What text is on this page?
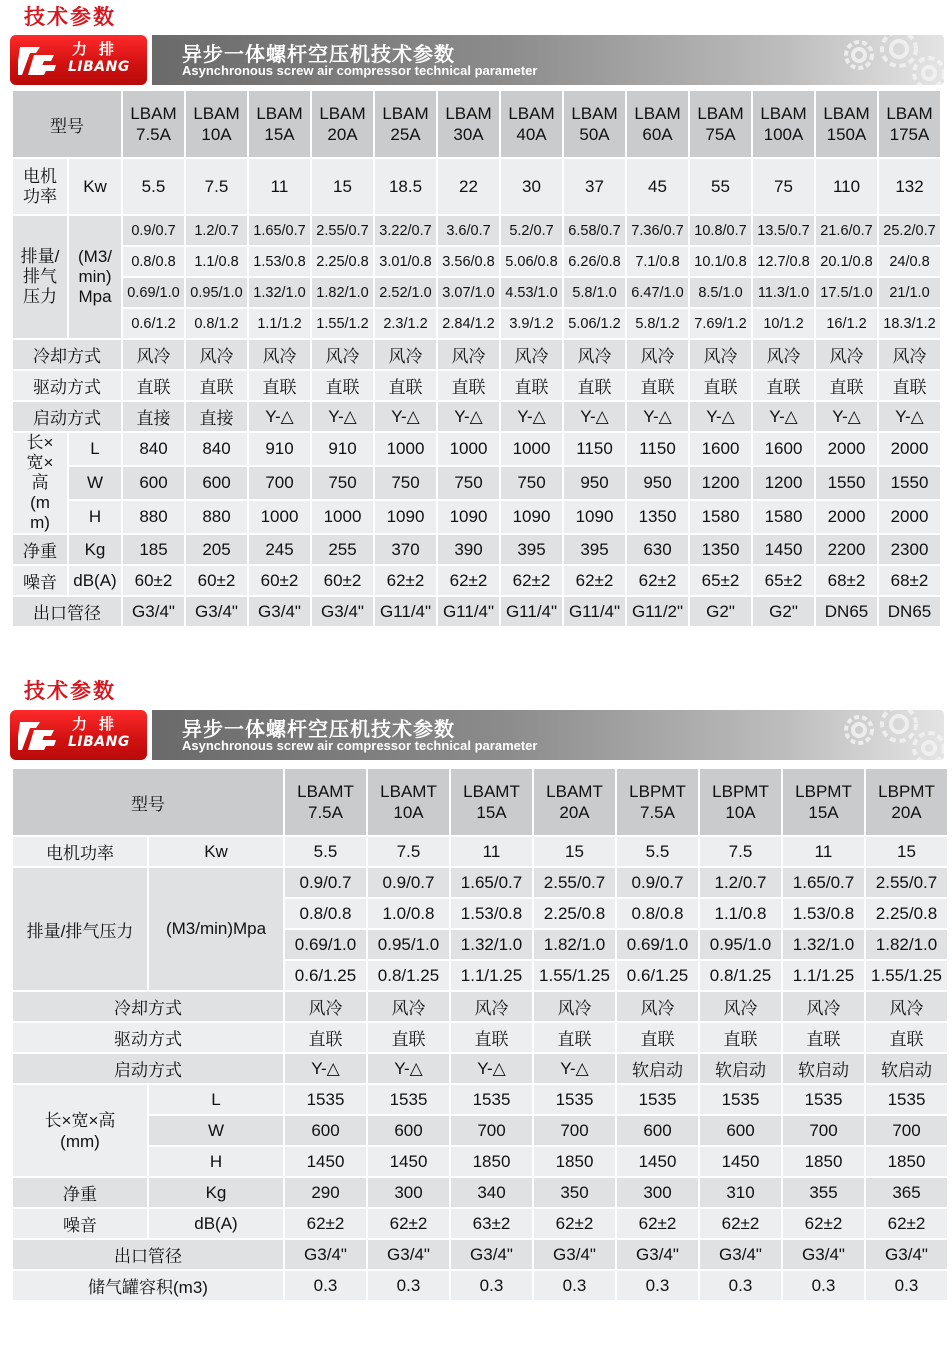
技术参数
力排
LIBANG
异步一体螺杆空压机技术参数
Asynchronous screw air compressor technical parameter
型号		LBAM 7.5A	LBAM 10A	LBAM 15A	LBAM 20A	LBAM 25A	LBAM 30A	LBAM 40A	LBAM 50A	LBAM 60A	LBAM 75A	LBAM 100A	LBAM 150A	LBAM 175A
电机功率	Kw	5.5	7.5	11	15	18.5	22	30	37	45	55	75	110	132
排量/排气压力	(M3/min)Mpa	0.9/0.7	1.2/0.7	1.65/0.7	2.55/0.7	3.22/0.7	3.6/0.7	5.2/0.7	6.58/0.7	7.36/0.7	10.8/0.7	13.5/0.7	21.6/0.7	25.2/0.7
		0.8/0.8	1.1/0.8	1.53/0.8	2.25/0.8	3.01/0.8	3.56/0.8	5.06/0.8	6.26/0.8	7.1/0.8	10.1/0.8	12.7/0.8	20.1/0.8	24/0.8
		0.69/1.0	0.95/1.0	1.32/1.0	1.82/1.0	2.52/1.0	3.07/1.0	4.53/1.0	5.8/1.0	6.47/1.0	8.5/1.0	11.3/1.0	17.5/1.0	21/1.0
		0.6/1.2	0.8/1.2	1.1/1.2	1.55/1.2	2.3/1.2	2.84/1.2	3.9/1.2	5.06/1.2	5.8/1.2	7.69/1.2	10/1.2	16/1.2	18.3/1.2
冷却方式		风冷	风冷	风冷	风冷	风冷	风冷	风冷	风冷	风冷	风冷	风冷	风冷	风冷
驱动方式		直联	直联	直联	直联	直联	直联	直联	直联	直联	直联	直联	直联	直联
启动方式		直接	直接	Y-△	Y-△	Y-△	Y-△	Y-△	Y-△	Y-△	Y-△	Y-△	Y-△	Y-△
长×宽×高(mm)	L	840	840	910	910	1000	1000	1000	1150	1150	1600	1600	2000	2000
	W	600	600	700	750	750	750	750	950	950	1200	1200	1550	1550
	H	880	880	1000	1000	1090	1090	1090	1090	1350	1580	1580	2000	2000
净重	Kg	185	205	245	255	370	390	395	395	630	1350	1450	2200	2300
噪音	dB(A)	60±2	60±2	60±2	60±2	62±2	62±2	62±2	62±2	62±2	65±2	65±2	68±2	68±2
出口管径		G3/4"	G3/4"	G3/4"	G3/4"	G11/4"	G11/4"	G11/4"	G11/4"	G11/2"	G2"	G2"	DN65	DN65
技术参数
力排
LIBANG
异步一体螺杆空压机技术参数
Asynchronous screw air compressor technical parameter
型号		LBAMT 7.5A	LBAMT 10A	LBAMT 15A	LBAMT 20A	LBPMT 7.5A	LBPMT 10A	LBPMT 15A	LBPMT 20A
电机功率	Kw	5.5	7.5	11	15	5.5	7.5	11	15
排量/排气压力	(M3/min)Mpa	0.9/0.7	0.9/0.7	1.65/0.7	2.55/0.7	0.9/0.7	1.2/0.7	1.65/0.7	2.55/0.7
		0.8/0.8	1.0/0.8	1.53/0.8	2.25/0.8	0.8/0.8	1.1/0.8	1.53/0.8	2.25/0.8
		0.69/1.0	0.95/1.0	1.32/1.0	1.82/1.0	0.69/1.0	0.95/1.0	1.32/1.0	1.82/1.0
		0.6/1.25	0.8/1.25	1.1/1.25	1.55/1.25	0.6/1.25	0.8/1.25	1.1/1.25	1.55/1.25
冷却方式		风冷	风冷	风冷	风冷	风冷	风冷	风冷	风冷
驱动方式		直联	直联	直联	直联	直联	直联	直联	直联
启动方式		Y-△	Y-△	Y-△	Y-△	软启动	软启动	软启动	软启动
长×宽×高
(mm)	L	1535	1535	1535	1535	1535	1535	1535	1535
	W	600	600	700	700	600	600	700	700
	H	1450	1450	1850	1850	1450	1450	1850	1850
净重	Kg	290	300	340	350	300	310	355	365
噪音	dB(A)	62±2	62±2	63±2	62±2	62±2	62±2	62±2	62±2
出口管径		G3/4"	G3/4"	G3/4"	G3/4"	G3/4"	G3/4"	G3/4"	G3/4"
储气罐容积(m3)		0.3	0.3	0.3	0.3	0.3	0.3	0.3	0.3
